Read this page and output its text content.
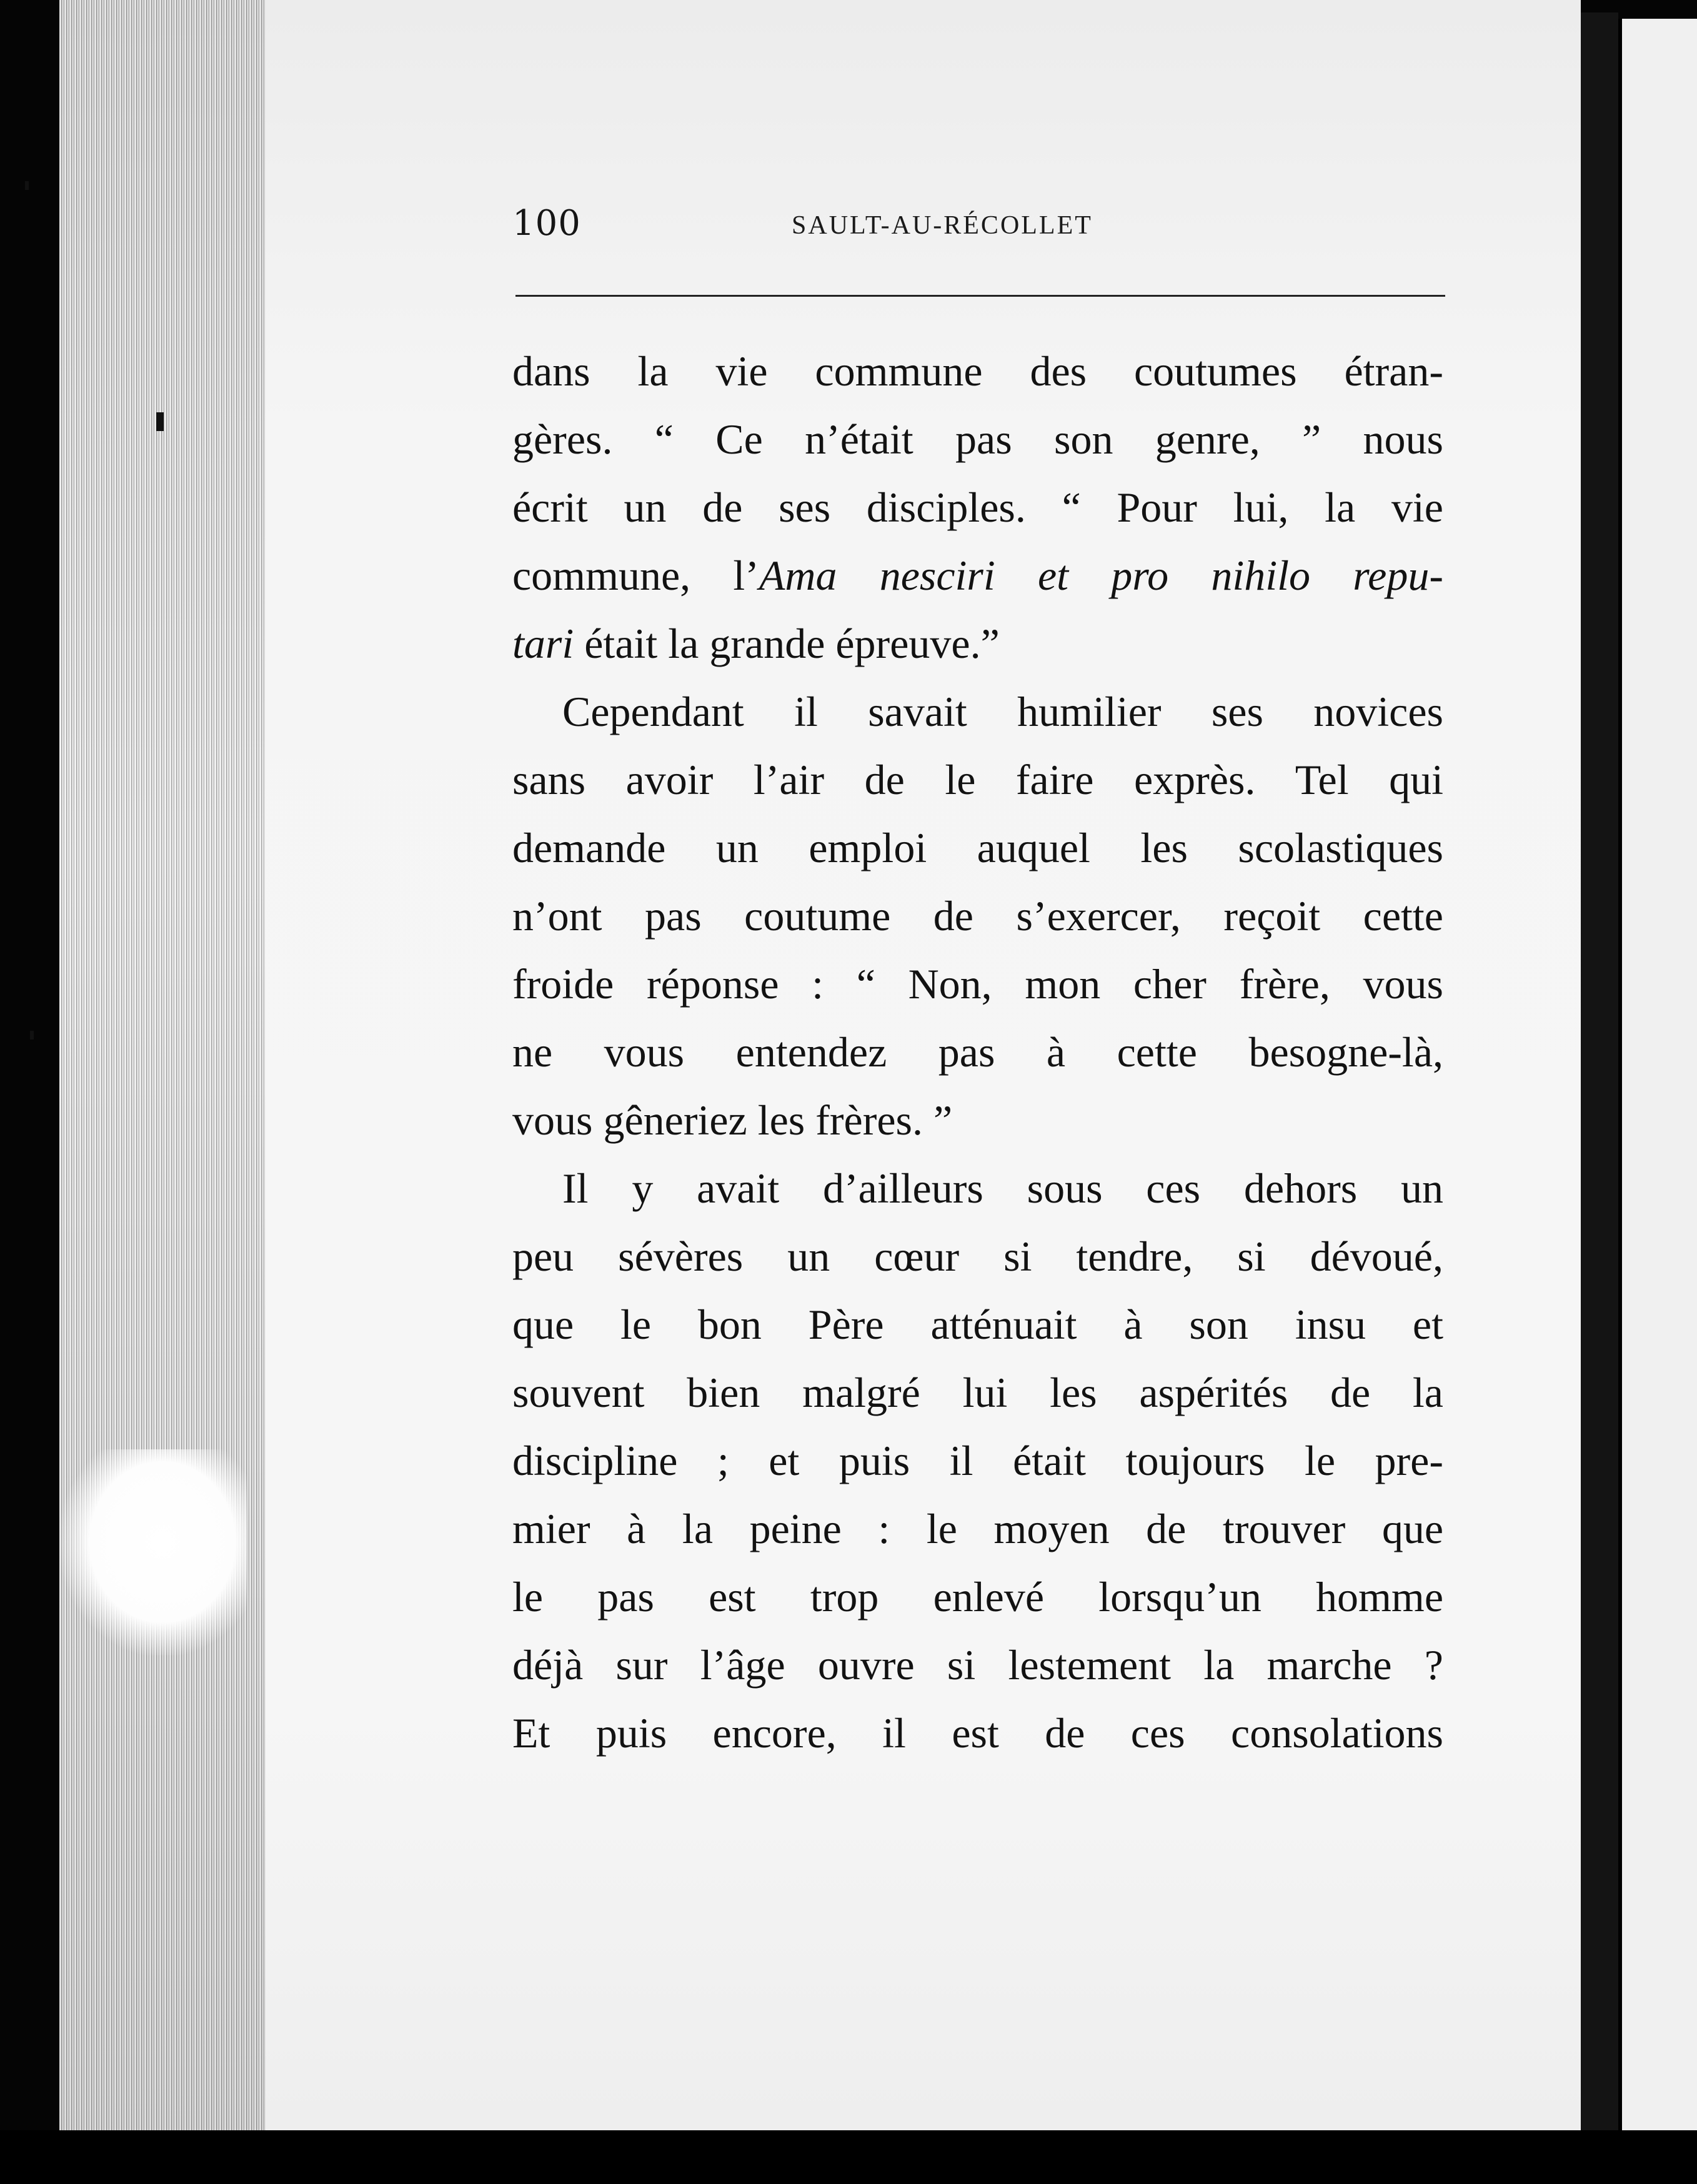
100	SAULT-AU-RÉCOLLET
dans la vie commune des coutumes étran-
gères. “ Ce n’était pas son genre, ” nous
écrit un de ses disciples. “ Pour lui, la vie
commune, l’Ama nesciri et pro nihilo repu-
tari était la grande épreuve.”
Cependant il savait humilier ses novices
sans avoir l’air de le faire exprès. Tel qui
demande un emploi auquel les scolastiques
n’ont pas coutume de s’exercer, reçoit cette
froide réponse : “ Non, mon cher frère, vous
ne vous entendez pas à cette besogne-là,
vous gêneriez les frères. ”
Il y avait d’ailleurs sous ces dehors un
peu sévères un cœur si tendre, si dévoué,
que le bon Père atténuait à son insu et
souvent bien malgré lui les aspérités de la
discipline ; et puis il était toujours le pre-
mier à la peine : le moyen de trouver que
le pas est trop enlevé lorsqu’un homme
déjà sur l’âge ouvre si lestement la marche ?
Et puis encore, il est de ces consolations
